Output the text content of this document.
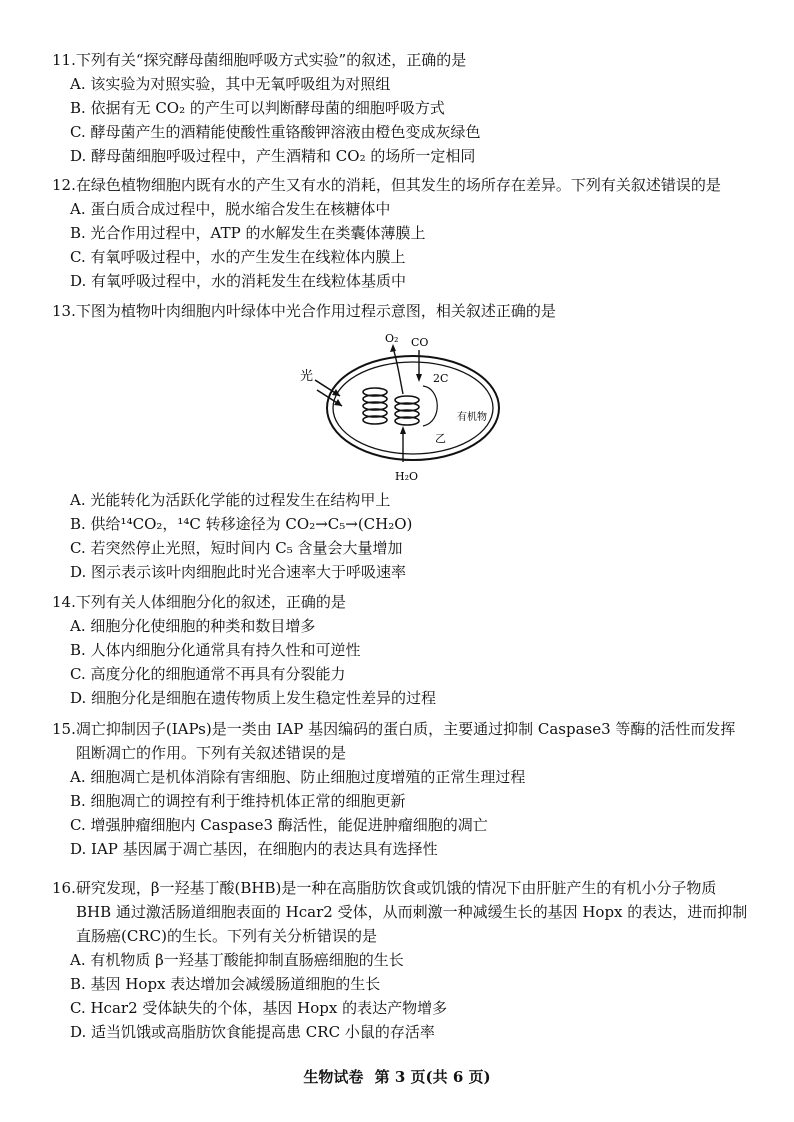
11.下列有关“探究酵母菌细胞呼吸方式实验”的叙述，正确的是
A. 该实验为对照实验，其中无氧呼吸组为对照组
B. 依据有无 CO₂ 的产生可以判断酵母菌的细胞呼吸方式
C. 酵母菌产生的酒精能使酸性重铬酸钾溶液由橙色变成灰绿色
D. 酵母菌细胞呼吸过程中，产生酒精和 CO₂ 的场所一定相同
12.在绿色植物细胞内既有水的产生又有水的消耗，但其发生的场所存在差异。下列有关叙述错误的是
A. 蛋白质合成过程中，脱水缩合发生在核糖体中
B. 光合作用过程中，ATP 的水解发生在类囊体薄膜上
C. 有氧呼吸过程中，水的产生发生在线粒体内膜上
D. 有氧呼吸过程中，水的消耗发生在线粒体基质中
13.下图为植物叶肉细胞内叶绿体中光合作用过程示意图，相关叙述正确的是
光
O₂ CO
2C
有机物
乙
H₂O
A. 光能转化为活跃化学能的过程发生在结构甲上
B. 供给¹⁴CO₂，¹⁴C 转移途径为 CO₂→C₅→(CH₂O)
C. 若突然停止光照，短时间内 C₅ 含量会大量增加
D. 图示表示该叶肉细胞此时光合速率大于呼吸速率
14.下列有关人体细胞分化的叙述，正确的是
A. 细胞分化使细胞的种类和数目增多
B. 人体内细胞分化通常具有持久性和可逆性
C. 高度分化的细胞通常不再具有分裂能力
D. 细胞分化是细胞在遗传物质上发生稳定性差异的过程
15.凋亡抑制因子(IAPs)是一类由 IAP 基因编码的蛋白质，主要通过抑制 Caspase3 等酶的活性而发挥
阻断凋亡的作用。下列有关叙述错误的是
A. 细胞凋亡是机体消除有害细胞、防止细胞过度增殖的正常生理过程
B. 细胞凋亡的调控有利于维持机体正常的细胞更新
C. 增强肿瘤细胞内 Caspase3 酶活性，能促进肿瘤细胞的凋亡
D. IAP 基因属于凋亡基因，在细胞内的表达具有选择性
16.研究发现，β一羟基丁酸(BHB)是一种在高脂肪饮食或饥饿的情况下由肝脏产生的有机小分子物质
BHB 通过激活肠道细胞表面的 Hcar2 受体，从而刺激一种减缓生长的基因 Hopx 的表达，进而抑制
直肠癌(CRC)的生长。下列有关分析错误的是
A. 有机物质 β一羟基丁酸能抑制直肠癌细胞的生长
B. 基因 Hopx 表达增加会减缓肠道细胞的生长
C. Hcar2 受体缺失的个体，基因 Hopx 的表达产物增多
D. 适当饥饿或高脂肪饮食能提高患 CRC 小鼠的存活率
生物试卷 第 3 页(共 6 页)
